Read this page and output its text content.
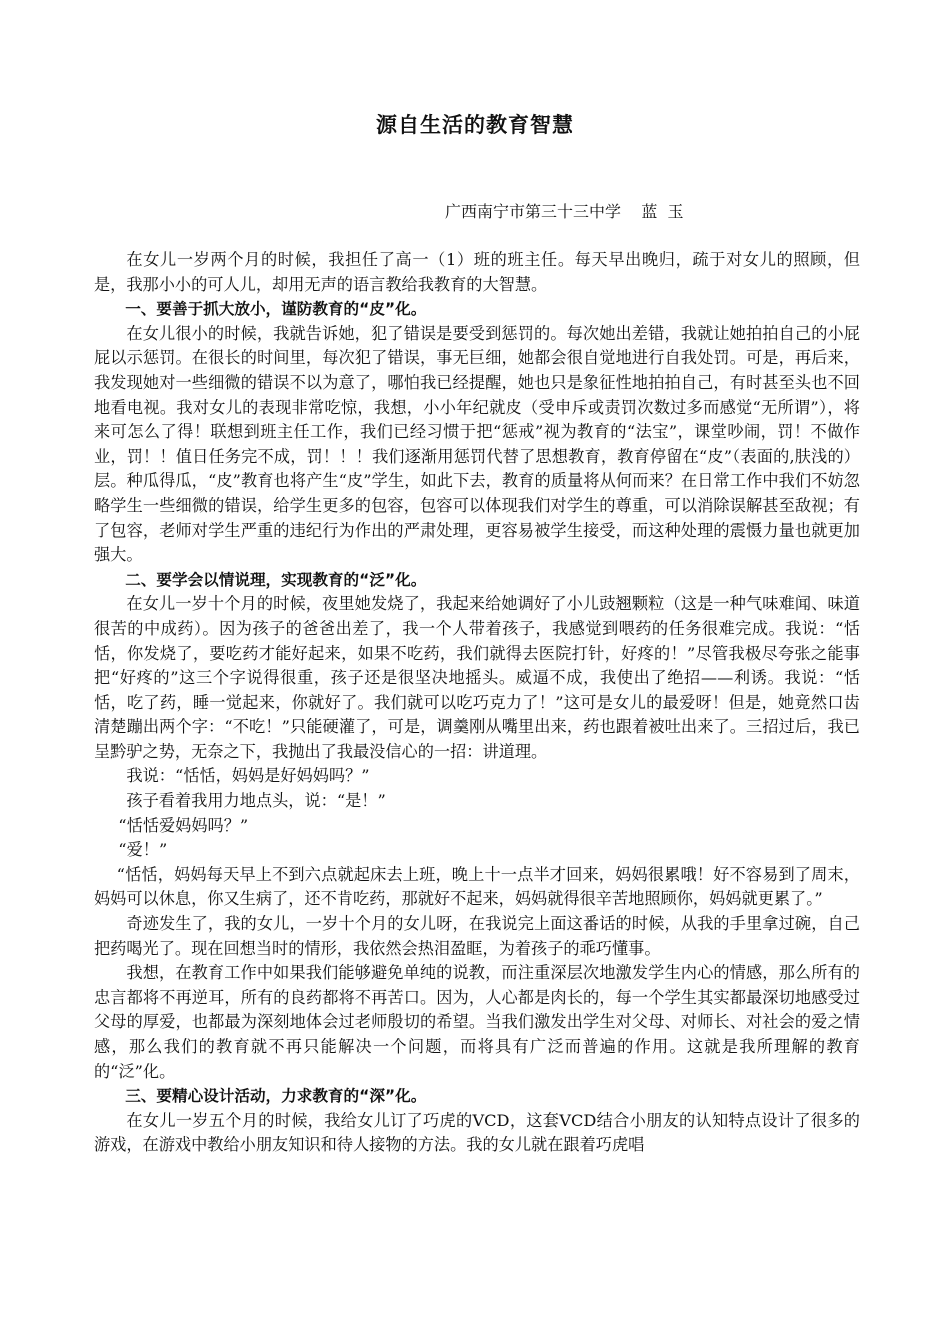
源自生活的教育智慧
广西南宁市第三十三中学    蓝  玉

在女儿一岁两个月的时候，我担任了高一（1）班的班主任。每天早出晚归，疏于对女儿的照顾，但是，我那小小的可人儿，却用无声的语言教给我教育的大智慧。

一、要善于抓大放小，谨防教育的“皮”化。

在女儿很小的时候，我就告诉她，犯了错误是要受到惩罚的。每次她出差错，我就让她拍拍自己的小屁屁以示惩罚。在很长的时间里，每次犯了错误，事无巨细，她都会很自觉地进行自我处罚。可是，再后来，我发现她对一些细微的错误不以为意了，哪怕我已经提醒，她也只是象征性地拍拍自己，有时甚至头也不回地看电视。我对女儿的表现非常吃惊，我想，小小年纪就皮（受申斥或责罚次数过多而感觉“无所谓”），将来可怎么了得！联想到班主任工作，我们已经习惯于把“惩戒”视为教育的“法宝”，课堂吵闹，罚！不做作业，罚！！值日任务完不成，罚！！！我们逐渐用惩罚代替了思想教育，教育停留在“皮”（表面的,肤浅的）层。种瓜得瓜，“皮”教育也将产生“皮”学生，如此下去，教育的质量将从何而来？在日常工作中我们不妨忽略学生一些细微的错误，给学生更多的包容，包容可以体现我们对学生的尊重，可以消除误解甚至敌视；有了包容，老师对学生严重的违纪行为作出的严肃处理，更容易被学生接受，而这种处理的震慑力量也就更加强大。

二、要学会以情说理，实现教育的“泛”化。

在女儿一岁十个月的时候，夜里她发烧了，我起来给她调好了小儿豉翘颗粒（这是一种气味难闻、味道很苦的中成药）。因为孩子的爸爸出差了，我一个人带着孩子，我感觉到喂药的任务很难完成。我说：“恬恬，你发烧了，要吃药才能好起来，如果不吃药，我们就得去医院打针，好疼的！”尽管我极尽夸张之能事把“好疼的”这三个字说得很重，孩子还是很坚决地摇头。威逼不成，我使出了绝招——利诱。我说：“恬恬，吃了药，睡一觉起来，你就好了。我们就可以吃巧克力了！”这可是女儿的最爱呀！但是，她竟然口齿清楚蹦出两个字：“不吃！”只能硬灌了，可是，调羹刚从嘴里出来，药也跟着被吐出来了。三招过后，我已呈黔驴之势，无奈之下，我抛出了我最没信心的一招：讲道理。

我说：“恬恬，妈妈是好妈妈吗？”

孩子看着我用力地点头，说：“是！”

“恬恬爱妈妈吗？”

“爱！”

“恬恬，妈妈每天早上不到六点就起床去上班，晚上十一点半才回来，妈妈很累哦！好不容易到了周末，妈妈可以休息，你又生病了，还不肯吃药，那就好不起来，妈妈就得很辛苦地照顾你，妈妈就更累了。”

奇迹发生了，我的女儿，一岁十个月的女儿呀，在我说完上面这番话的时候，从我的手里拿过碗，自己把药喝光了。现在回想当时的情形，我依然会热泪盈眶，为着孩子的乖巧懂事。

我想，在教育工作中如果我们能够避免单纯的说教，而注重深层次地激发学生内心的情感，那么所有的忠言都将不再逆耳，所有的良药都将不再苦口。因为，人心都是肉长的，每一个学生其实都最深切地感受过父母的厚爱，也都最为深刻地体会过老师殷切的希望。当我们激发出学生对父母、对师长、对社会的爱之情感，那么我们的教育就不再只能解决一个问题，而将具有广泛而普遍的作用。这就是我所理解的教育的“泛”化。

三、要精心设计活动，力求教育的“深”化。

在女儿一岁五个月的时候，我给女儿订了巧虎的VCD，这套VCD结合小朋友的认知特点设计了很多的游戏，在游戏中教给小朋友知识和待人接物的方法。我的女儿就在跟着巧虎唱
